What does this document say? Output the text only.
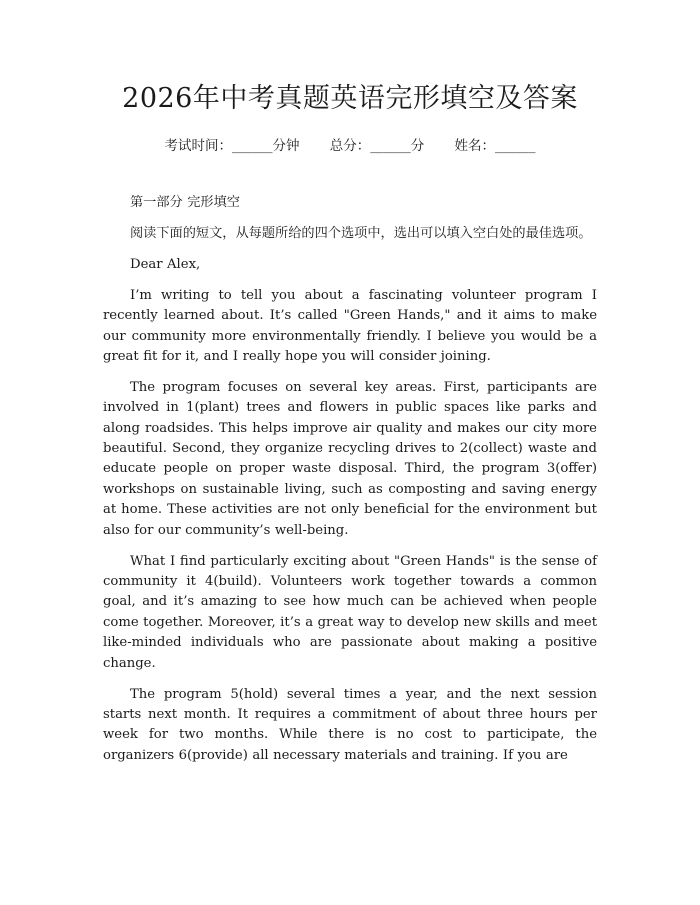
2026年中考真题英语完形填空及答案
考试时间：______分钟 总分：______分 姓名：______

第一部分 完形填空

阅读下面的短文，从每题所给的四个选项中，选出可以填入空白处的最佳选项。

Dear Alex,

I’m writing to tell you about a fascinating volunteer program I recently learned about. It’s called "Green Hands," and it aims to make our community more environmentally friendly. I believe you would be a great fit for it, and I really hope you will consider joining.

The program focuses on several key areas. First, participants are involved in 1(plant) trees and flowers in public spaces like parks and along roadsides. This helps improve air quality and makes our city more beautiful. Second, they organize recycling drives to 2(collect) waste and educate people on proper waste disposal. Third, the program 3(offer) workshops on sustainable living, such as composting and saving energy at home. These activities are not only beneficial for the environment but also for our community’s well-being.

What I find particularly exciting about "Green Hands" is the sense of community it 4(build). Volunteers work together towards a common goal, and it’s amazing to see how much can be achieved when people come together. Moreover, it’s a great way to develop new skills and meet like-minded individuals who are passionate about making a positive change.

The program 5(hold) several times a year, and the next session starts next month. It requires a commitment of about three hours per week for two months. While there is no cost to participate, the organizers 6(provide) all necessary materials and training. If you are
